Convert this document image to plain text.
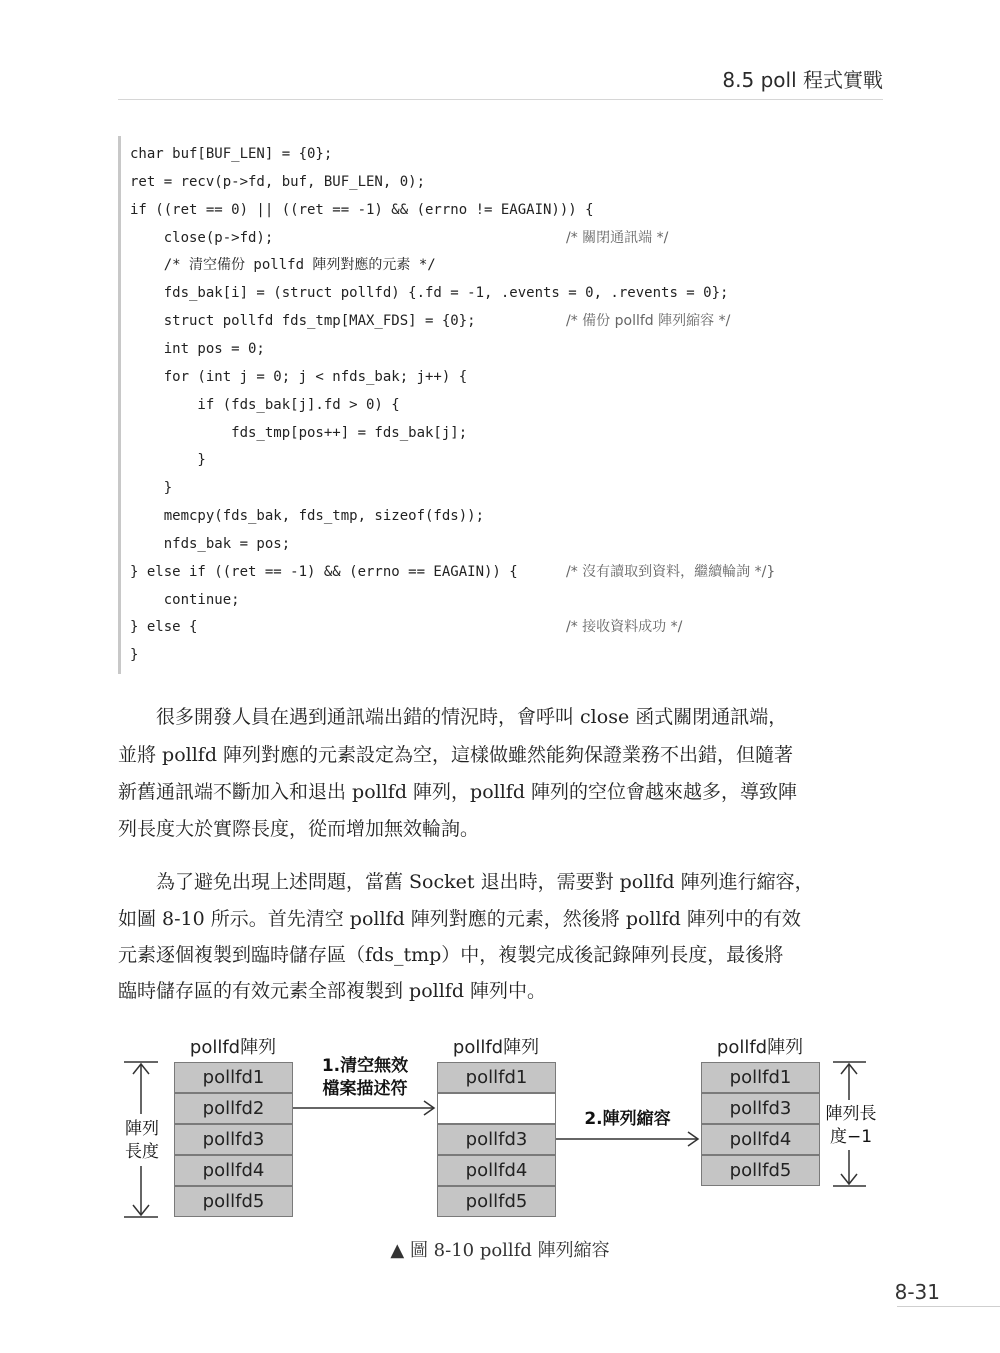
8.5 poll 程式實戰
char buf[BUF_LEN] = {0};
ret = recv(p->fd, buf, BUF_LEN, 0);
if ((ret == 0) || ((ret == -1) && (errno != EAGAIN))) {
close(p->fd);
/* 清空備份 pollfd 陣列對應的元素 */
fds_bak[i] = (struct pollfd) {.fd = -1, .events = 0, .revents = 0};
struct pollfd fds_tmp[MAX_FDS] = {0};
int pos = 0;
for (int j = 0; j < nfds_bak; j++) {
if (fds_bak[j].fd > 0) {
fds_tmp[pos++] = fds_bak[j];
}
}
memcpy(fds_bak, fds_tmp, sizeof(fds));
nfds_bak = pos;
} else if ((ret == -1) && (errno == EAGAIN)) {
continue;
} else {
}
/* 關閉通訊端 */
/* 備份 pollfd 陣列縮容 */
/* 沒有讀取到資料，繼續輪詢 */}
/* 接收資料成功 */
　　很多開發人員在遇到通訊端出錯的情況時，會呼叫 close 函式關閉通訊端，
並將 pollfd 陣列對應的元素設定為空，這樣做雖然能夠保證業務不出錯，但隨著
新舊通訊端不斷加入和退出 pollfd 陣列，pollfd 陣列的空位會越來越多，導致陣
列長度大於實際長度，從而增加無效輪詢。
　　為了避免出現上述問題，當舊 Socket 退出時，需要對 pollfd 陣列進行縮容，
如圖 8-10 所示。首先清空 pollfd 陣列對應的元素，然後將 pollfd 陣列中的有效
元素逐個複製到臨時儲存區（fds_tmp）中，複製完成後記錄陣列長度，最後將
臨時儲存區的有效元素全部複製到 pollfd 陣列中。
pollfd陣列	pollfd陣列	pollfd陣列
pollfd1
pollfd2
pollfd3
pollfd4
pollfd5
pollfd1
pollfd3
pollfd4
pollfd5
pollfd1
pollfd3
pollfd4
pollfd5
1.清空無效
檔案描述符
2.陣列縮容
陣列
長度
陣列長
度−1
▲ 圖 8-10 pollfd 陣列縮容
8-31
